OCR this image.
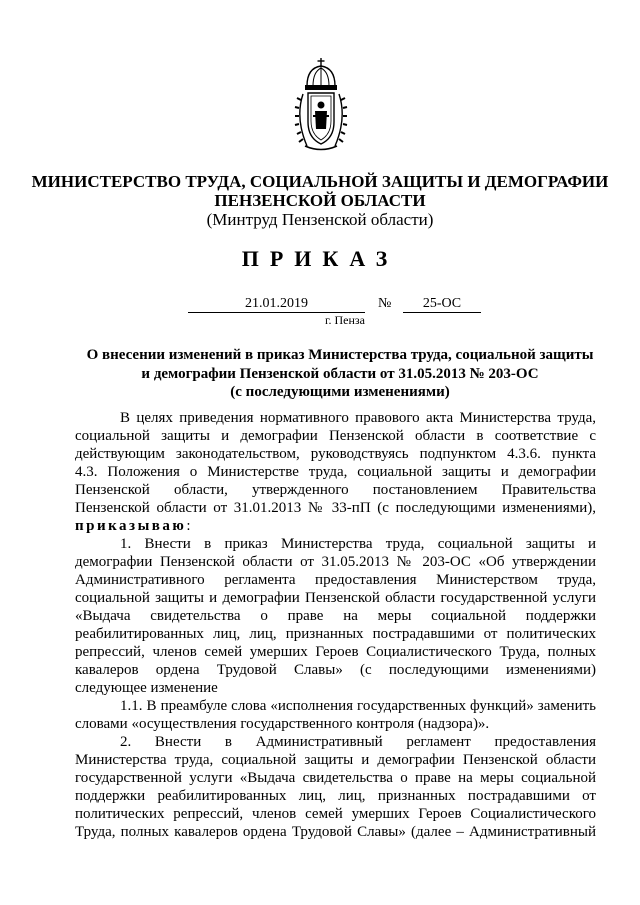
МИНИСТЕРСТВО ТРУДА, СОЦИАЛЬНОЙ ЗАЩИТЫ И ДЕМОГРАФИИ
ПЕНЗЕНСКОЙ ОБЛАСТИ
(Минтруд Пензенской области)
ПРИКАЗ
21.01.2019	№	25-ОС
г. Пенза
О внесении изменений в приказ Министерства труда, социальной защиты
и демографии Пензенской области от 31.05.2013 № 203-ОС
(с последующими изменениями)
В целях приведения нормативного правового акта Министерства труда,
социальной защиты и демографии Пензенской области в соответствие с
действующим законодательством, руководствуясь подпунктом 4.3.6. пункта
4.3. Положения о Министерстве труда, социальной защиты и демографии
Пензенской области, утвержденного постановлением Правительства
Пензенской области от 31.01.2013 № 33-пП (с последующими изменениями),
приказываю:
1. Внести в приказ Министерства труда, социальной защиты и
демографии Пензенской области от 31.05.2013 № 203-ОС «Об утверждении
Административного регламента предоставления Министерством труда,
социальной защиты и демографии Пензенской области государственной услуги
«Выдача свидетельства о праве на меры социальной поддержки
реабилитированных лиц, лиц, признанных пострадавшими от политических
репрессий, членов семей умерших Героев Социалистического Труда, полных
кавалеров ордена Трудовой Славы» (с последующими изменениями)
следующее изменение
1.1. В преамбуле слова «исполнения государственных функций» заменить
словами «осуществления государственного контроля (надзора)».
2. Внести в Административный регламент предоставления
Министерства труда, социальной защиты и демографии Пензенской области
государственной услуги «Выдача свидетельства о праве на меры социальной
поддержки реабилитированных лиц, лиц, признанных пострадавшими от
политических репрессий, членов семей умерших Героев Социалистического
Труда, полных кавалеров ордена Трудовой Славы» (далее – Административный
